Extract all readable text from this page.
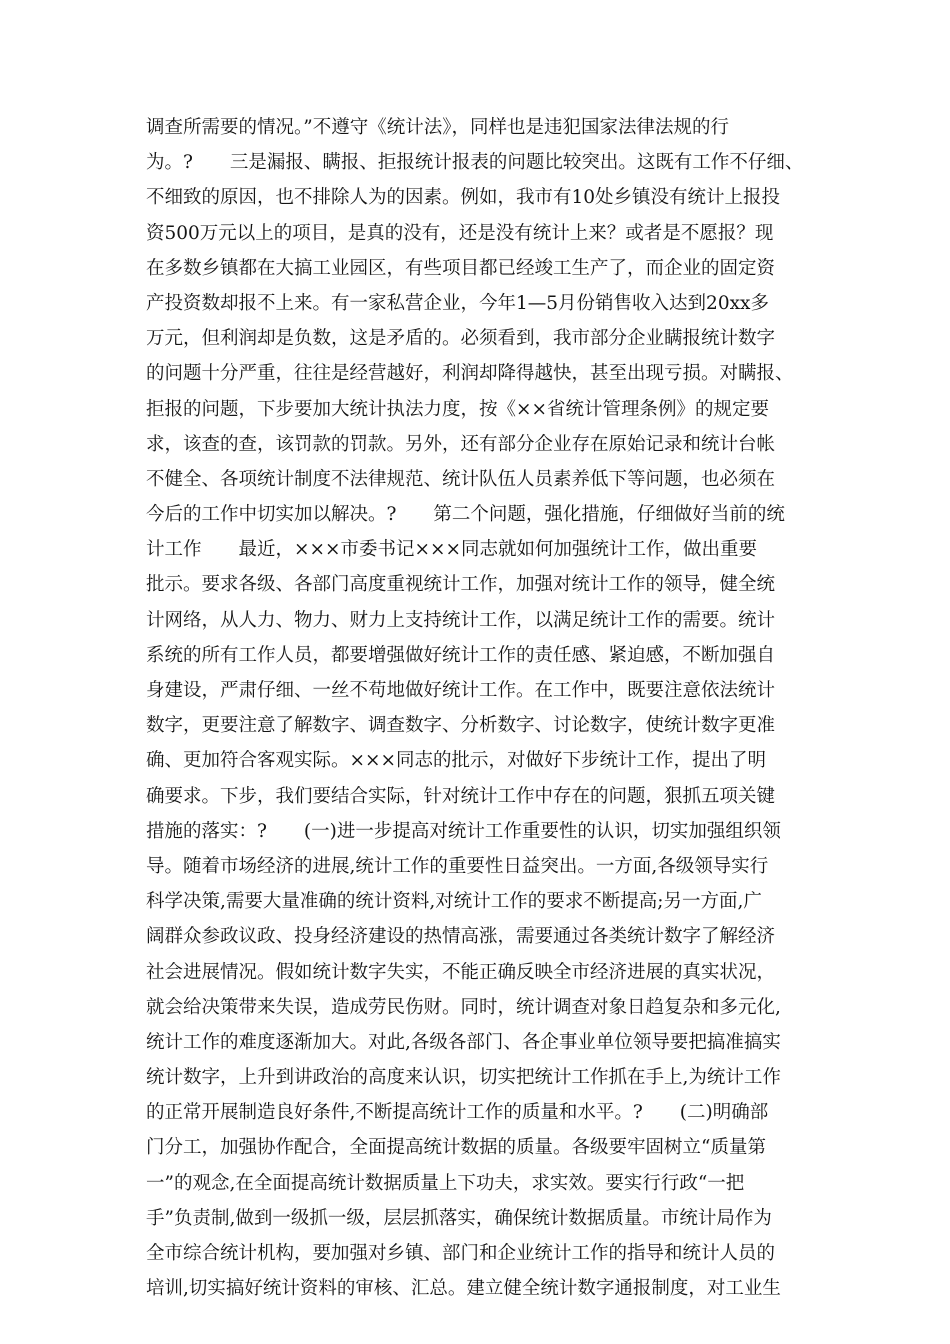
调查所需要的情况。”不遵守《统计法》，同样也是违犯国家法律法规的行
为。?　　三是漏报、瞒报、拒报统计报表的问题比较突出。这既有工作不仔细、
不细致的原因，也不排除人为的因素。例如，我市有10处乡镇没有统计上报投
资500万元以上的项目，是真的没有，还是没有统计上来？或者是不愿报？现
在多数乡镇都在大搞工业园区，有些项目都已经竣工生产了，而企业的固定资
产投资数却报不上来。有一家私营企业，今年1—5月份销售收入达到20xx多
万元，但利润却是负数，这是矛盾的。必须看到，我市部分企业瞒报统计数字
的问题十分严重，往往是经营越好，利润却降得越快，甚至出现亏损。对瞒报、
拒报的问题，下步要加大统计执法力度，按《××省统计管理条例》的规定要
求，该查的查，该罚款的罚款。另外，还有部分企业存在原始记录和统计台帐
不健全、各项统计制度不法律规范、统计队伍人员素养低下等问题，也必须在
今后的工作中切实加以解决。?　　第二个问题，强化措施，仔细做好当前的统
计工作　　最近，×××市委书记×××同志就如何加强统计工作，做出重要
批示。要求各级、各部门高度重视统计工作，加强对统计工作的领导，健全统
计网络，从人力、物力、财力上支持统计工作，以满足统计工作的需要。统计
系统的所有工作人员，都要增强做好统计工作的责任感、紧迫感，不断加强自
身建设，严肃仔细、一丝不苟地做好统计工作。在工作中，既要注意依法统计
数字，更要注意了解数字、调查数字、分析数字、讨论数字，使统计数字更准
确、更加符合客观实际。×××同志的批示，对做好下步统计工作，提出了明
确要求。下步，我们要结合实际，针对统计工作中存在的问题，狠抓五项关键
措施的落实：?　　(一)进一步提高对统计工作重要性的认识，切实加强组织领
导。随着市场经济的进展,统计工作的重要性日益突出。一方面,各级领导实行
科学决策,需要大量准确的统计资料,对统计工作的要求不断提高;另一方面,广
阔群众参政议政、投身经济建设的热情高涨，需要通过各类统计数字了解经济
社会进展情况。假如统计数字失实，不能正确反映全市经济进展的真实状况，
就会给决策带来失误，造成劳民伤财。同时，统计调查对象日趋复杂和多元化,
统计工作的难度逐渐加大。对此,各级各部门、各企事业单位领导要把搞准搞实
统计数字，上升到讲政治的高度来认识，切实把统计工作抓在手上,为统计工作
的正常开展制造良好条件,不断提高统计工作的质量和水平。?　　(二)明确部
门分工，加强协作配合，全面提高统计数据的质量。各级要牢固树立“质量第
一”的观念,在全面提高统计数据质量上下功夫，求实效。要实行行政“一把
手”负责制,做到一级抓一级，层层抓落实，确保统计数据质量。市统计局作为
全市综合统计机构，要加强对乡镇、部门和企业统计工作的指导和统计人员的
培训,切实搞好统计资料的审核、汇总。建立健全统计数字通报制度，对工业生
